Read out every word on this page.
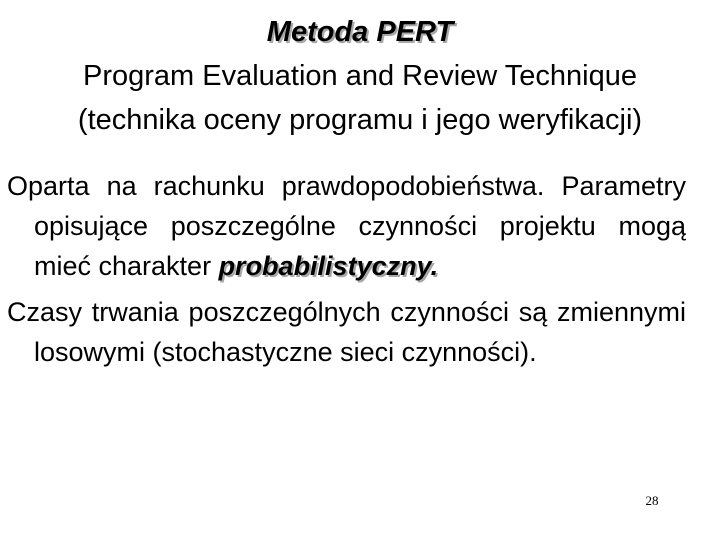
Metoda PERT
Program Evaluation and Review Technique
(technika oceny programu i jego weryfikacji)

Oparta na rachunku prawdopodobieństwa. Parametry opisujące poszczególne czynności projektu mogą mieć charakter probabilistyczny.

Czasy trwania poszczególnych czynności są zmiennymi losowymi (stochastyczne sieci czynności).

28
